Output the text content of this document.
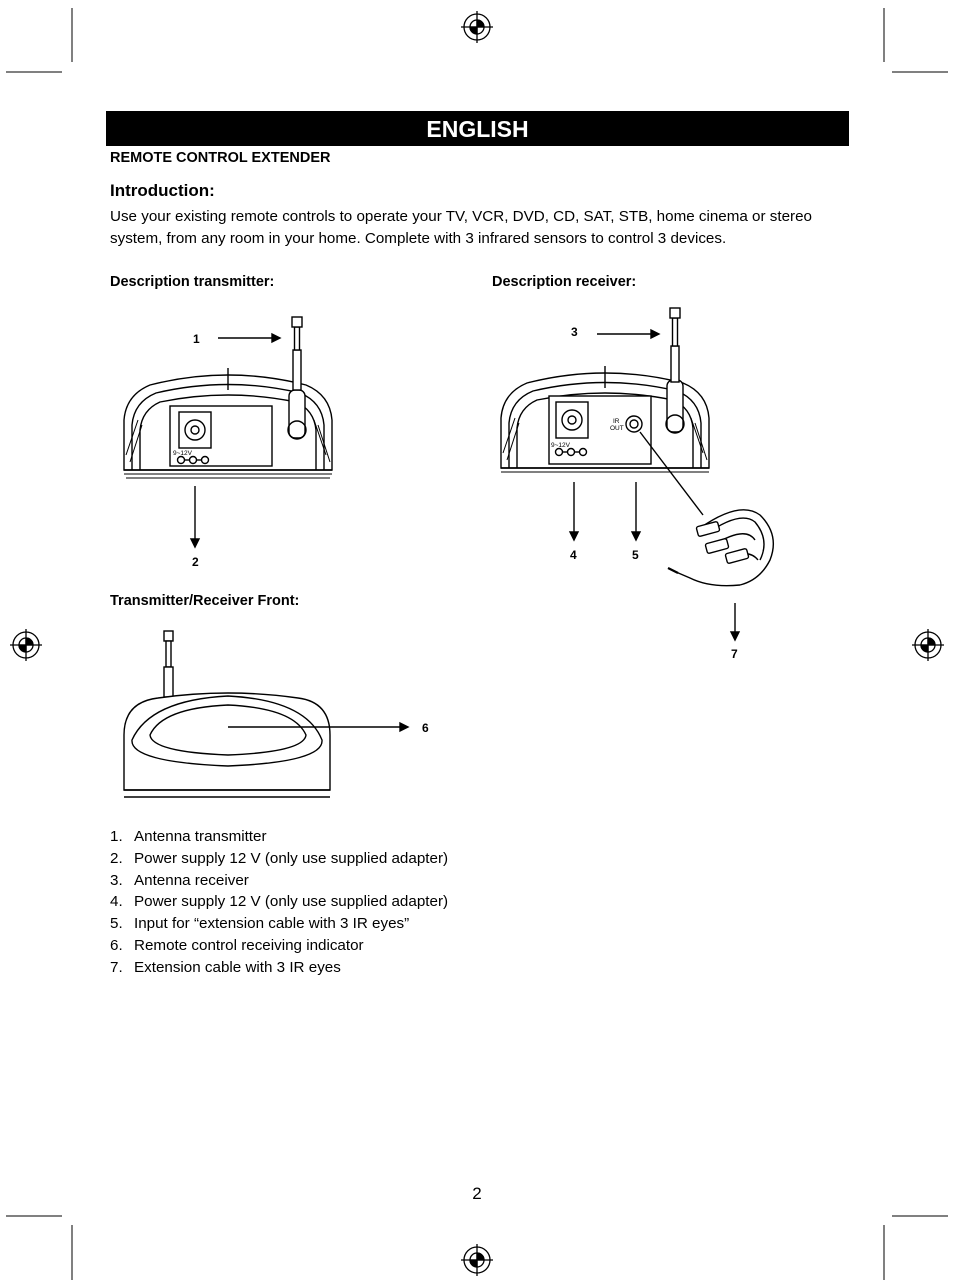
ENGLISH
REMOTE CONTROL EXTENDER
Introduction:
Use your existing remote controls to operate your TV, VCR, DVD, CD, SAT, STB, home cinema or stereo system, from any room in your home. Complete with 3 infrared sensors to control 3 devices.
Description transmitter:	Description receiver:
Transmitter/Receiver Front:
9~12V
1
2
9~12V
IR
OUT
3
4	5
7
6
1. Antenna transmitter
2. Power supply 12 V (only use supplied adapter)
3. Antenna receiver
4. Power supply 12 V (only use supplied adapter)
5. Input for “extension cable with 3 IR eyes”
6. Remote control receiving indicator
7. Extension cable with 3 IR eyes
2
